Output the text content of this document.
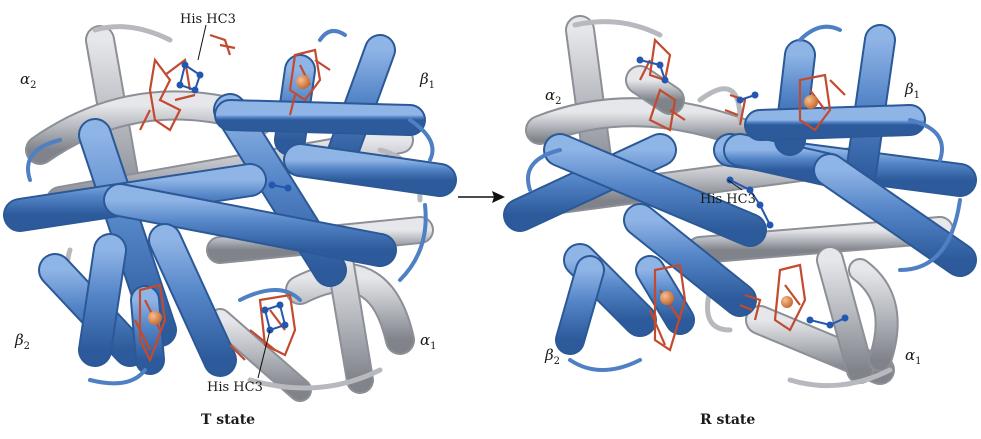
$\alpha_2$	$\beta_1$
$\beta_2$	$\alpha_1$
His HC3
His HC3
T state
$\alpha_2$
$\beta_1$
$\beta_2$	$\alpha_1$
His HC3
R state
